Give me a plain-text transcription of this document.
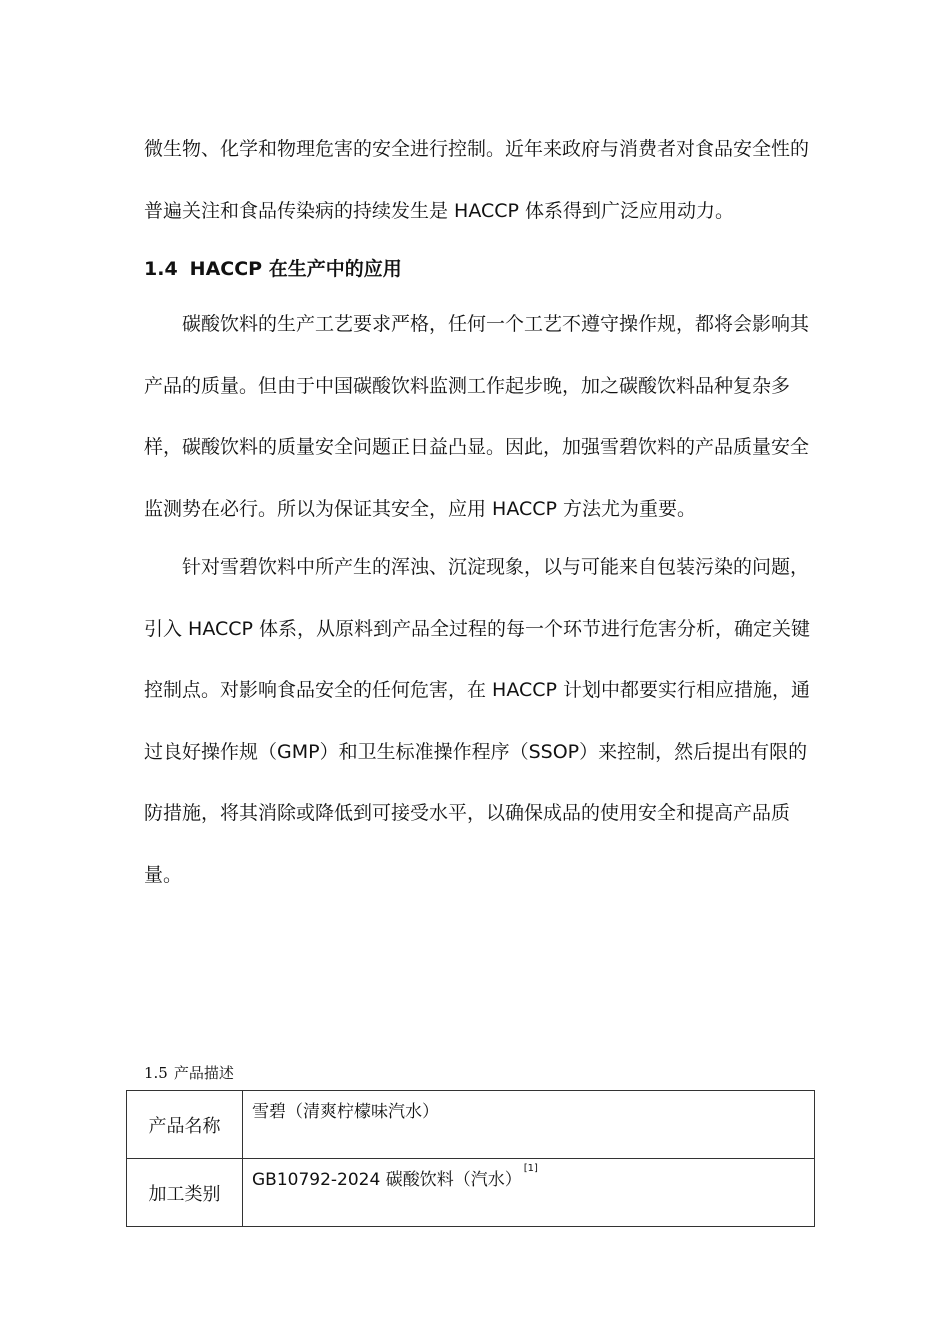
微生物、化学和物理危害的安全进行控制。近年来政府与消费者对食品安全性的普遍关注和食品传染病的持续发生是 HACCP 体系得到广泛应用动力。

1.4 HACCP 在生产中的应用

碳酸饮料的生产工艺要求严格，任何一个工艺不遵守操作规，都将会影响其产品的质量。但由于中国碳酸饮料监测工作起步晚，加之碳酸饮料品种复杂多样，碳酸饮料的质量安全问题正日益凸显。因此，加强雪碧饮料的产品质量安全监测势在必行。所以为保证其安全，应用 HACCP 方法尤为重要。

针对雪碧饮料中所产生的浑浊、沉淀现象，以与可能来自包装污染的问题，引入 HACCP 体系，从原料到产品全过程的每一个环节进行危害分析，确定关键控制点。对影响食品安全的任何危害，在 HACCP 计划中都要实行相应措施，通过良好操作规（GMP）和卫生标准操作程序（SSOP）来控制，然后提出有限的防措施，将其消除或降低到可接受水平，以确保成品的使用安全和提高产品质量。

1.5 产品描述
产品名称	雪碧（清爽柠檬味汽水）
加工类别	GB10792-2024 碳酸饮料（汽水）[1]
